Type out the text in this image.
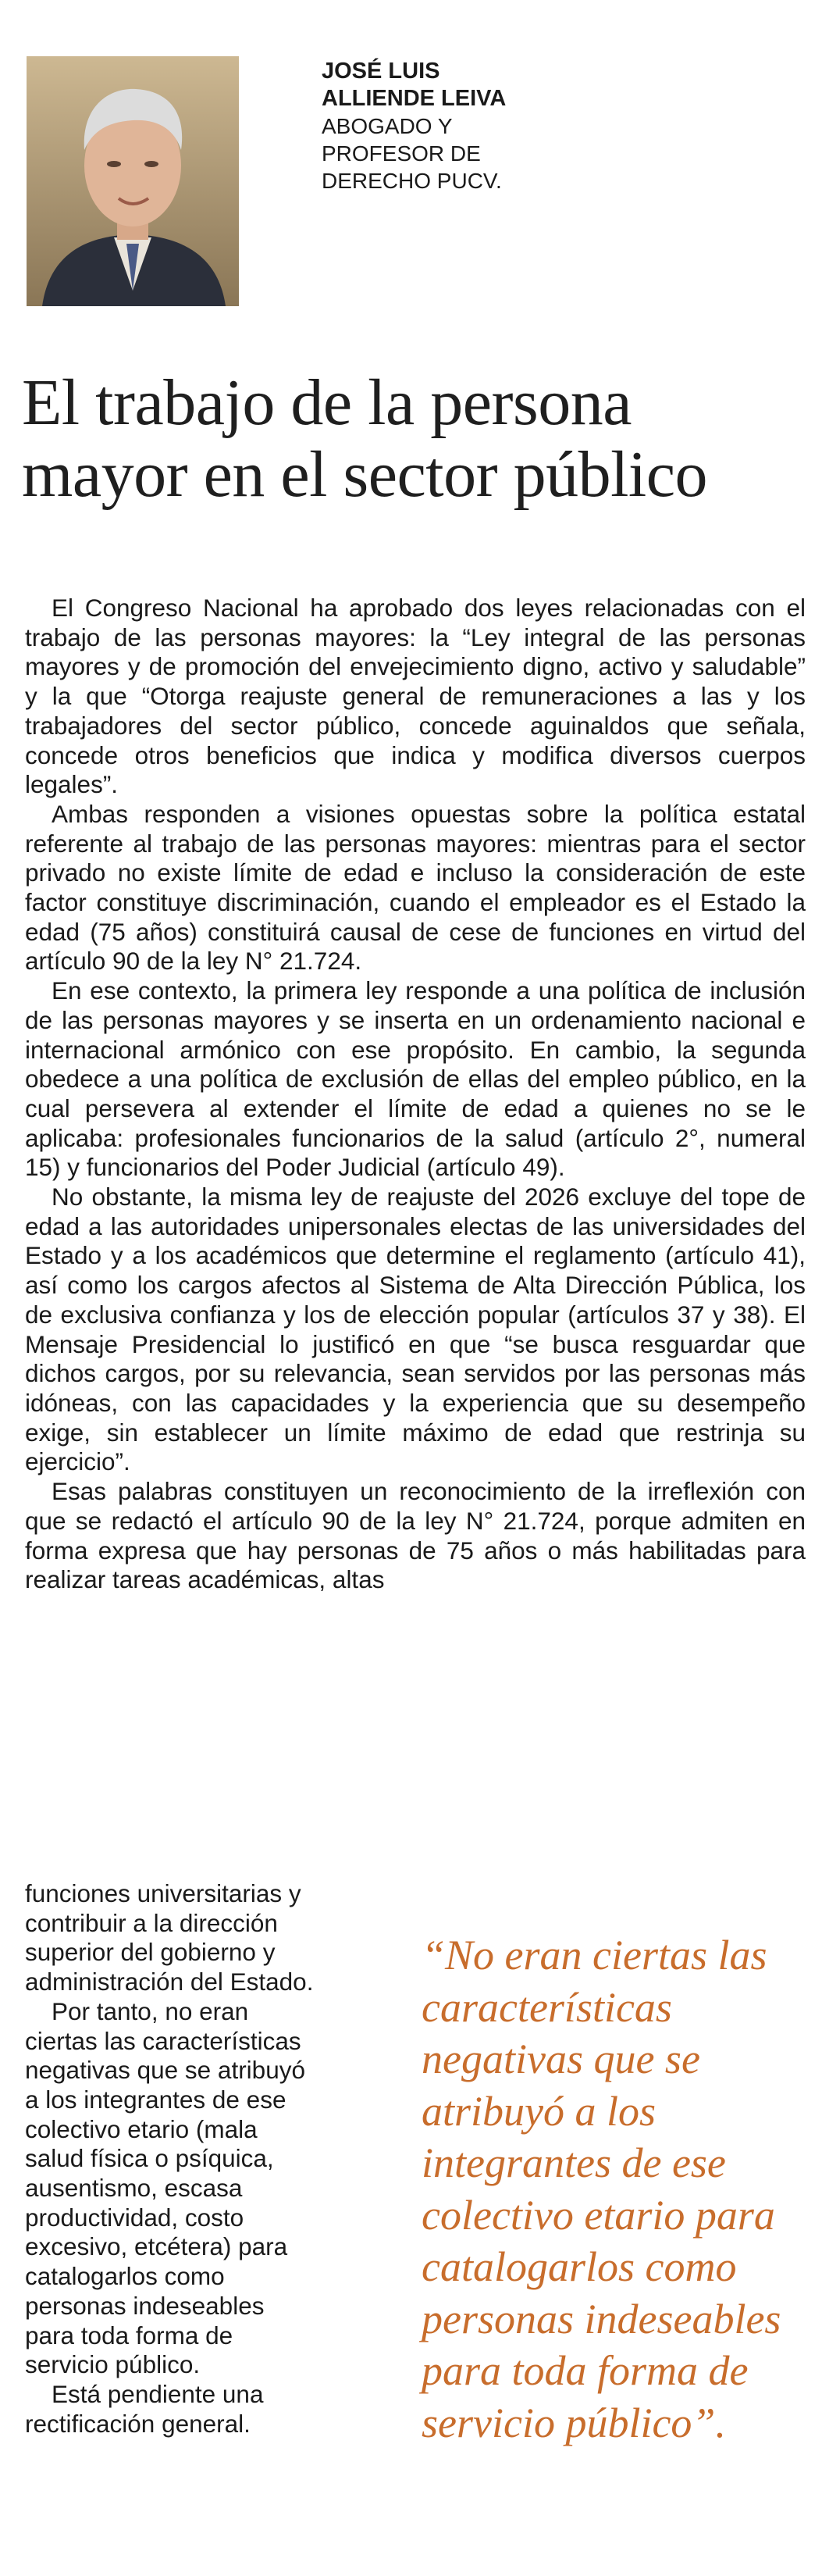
JOSÉ LUIS

ALLIENDE LEIVA

ABOGADO Y

PROFESOR DE

DERECHO PUCV.

El trabajo de la persona mayor en el sector público

El Congreso Nacional ha aprobado dos leyes relacionadas con el trabajo de las personas mayores: la “Ley integral de las personas mayores y de promoción del envejecimiento digno, activo y saludable” y la que “Otorga reajuste general de remuneraciones a las y los trabajadores del sector público, concede aguinaldos que señala, concede otros beneficios que indica y modifica diversos cuerpos legales”.

Ambas responden a visiones opuestas sobre la política estatal referente al trabajo de las personas mayores: mientras para el sector privado no existe límite de edad e incluso la consideración de este factor constituye discriminación, cuando el empleador es el Estado la edad (75 años) constituirá causal de cese de funciones en virtud del artículo 90 de la ley N° 21.724.

En ese contexto, la primera ley responde a una política de inclusión de las personas mayores y se inserta en un ordenamiento nacional e internacional armónico con ese propósito. En cambio, la segunda obedece a una política de exclusión de ellas del empleo público, en la cual persevera al extender el límite de edad a quienes no se le aplicaba: profesionales funcionarios de la salud (artículo 2°, numeral 15) y funcionarios del Poder Judicial (artículo 49).

No obstante, la misma ley de reajuste del 2026 excluye del tope de edad a las autoridades unipersonales electas de las universidades del Estado y a los académicos que determine el reglamento (artículo 41), así como los cargos afectos al Sistema de Alta Dirección Pública, los de exclusiva confianza y los de elección popular (artículos 37 y 38). El Mensaje Presidencial lo justificó en que “se busca resguardar que dichos cargos, por su relevancia, sean servidos por las personas más idóneas, con las capacidades y la experiencia que su desempeño exige, sin establecer un límite máximo de edad que restrinja su ejercicio”.

Esas palabras constituyen un reconocimiento de la irreflexión con que se redactó el artículo 90 de la ley N° 21.724, porque admiten en forma expresa que hay personas de 75 años o más habilitadas para realizar tareas académicas, altas

funciones universitarias y contribuir a la dirección superior del gobierno y administración del Estado.

Por tanto, no eran ciertas las características negativas que se atribuyó a los integrantes de ese colectivo etario (mala salud física o psíquica, ausentismo, escasa productividad, costo excesivo, etcétera) para catalogarlos como personas indeseables para toda forma de servicio público.

Está pendiente una rectificación general.

“No eran ciertas las características negativas que se atribuyó a los integrantes de ese colectivo etario para catalogarlos como personas indeseables para toda forma de servicio público”.
